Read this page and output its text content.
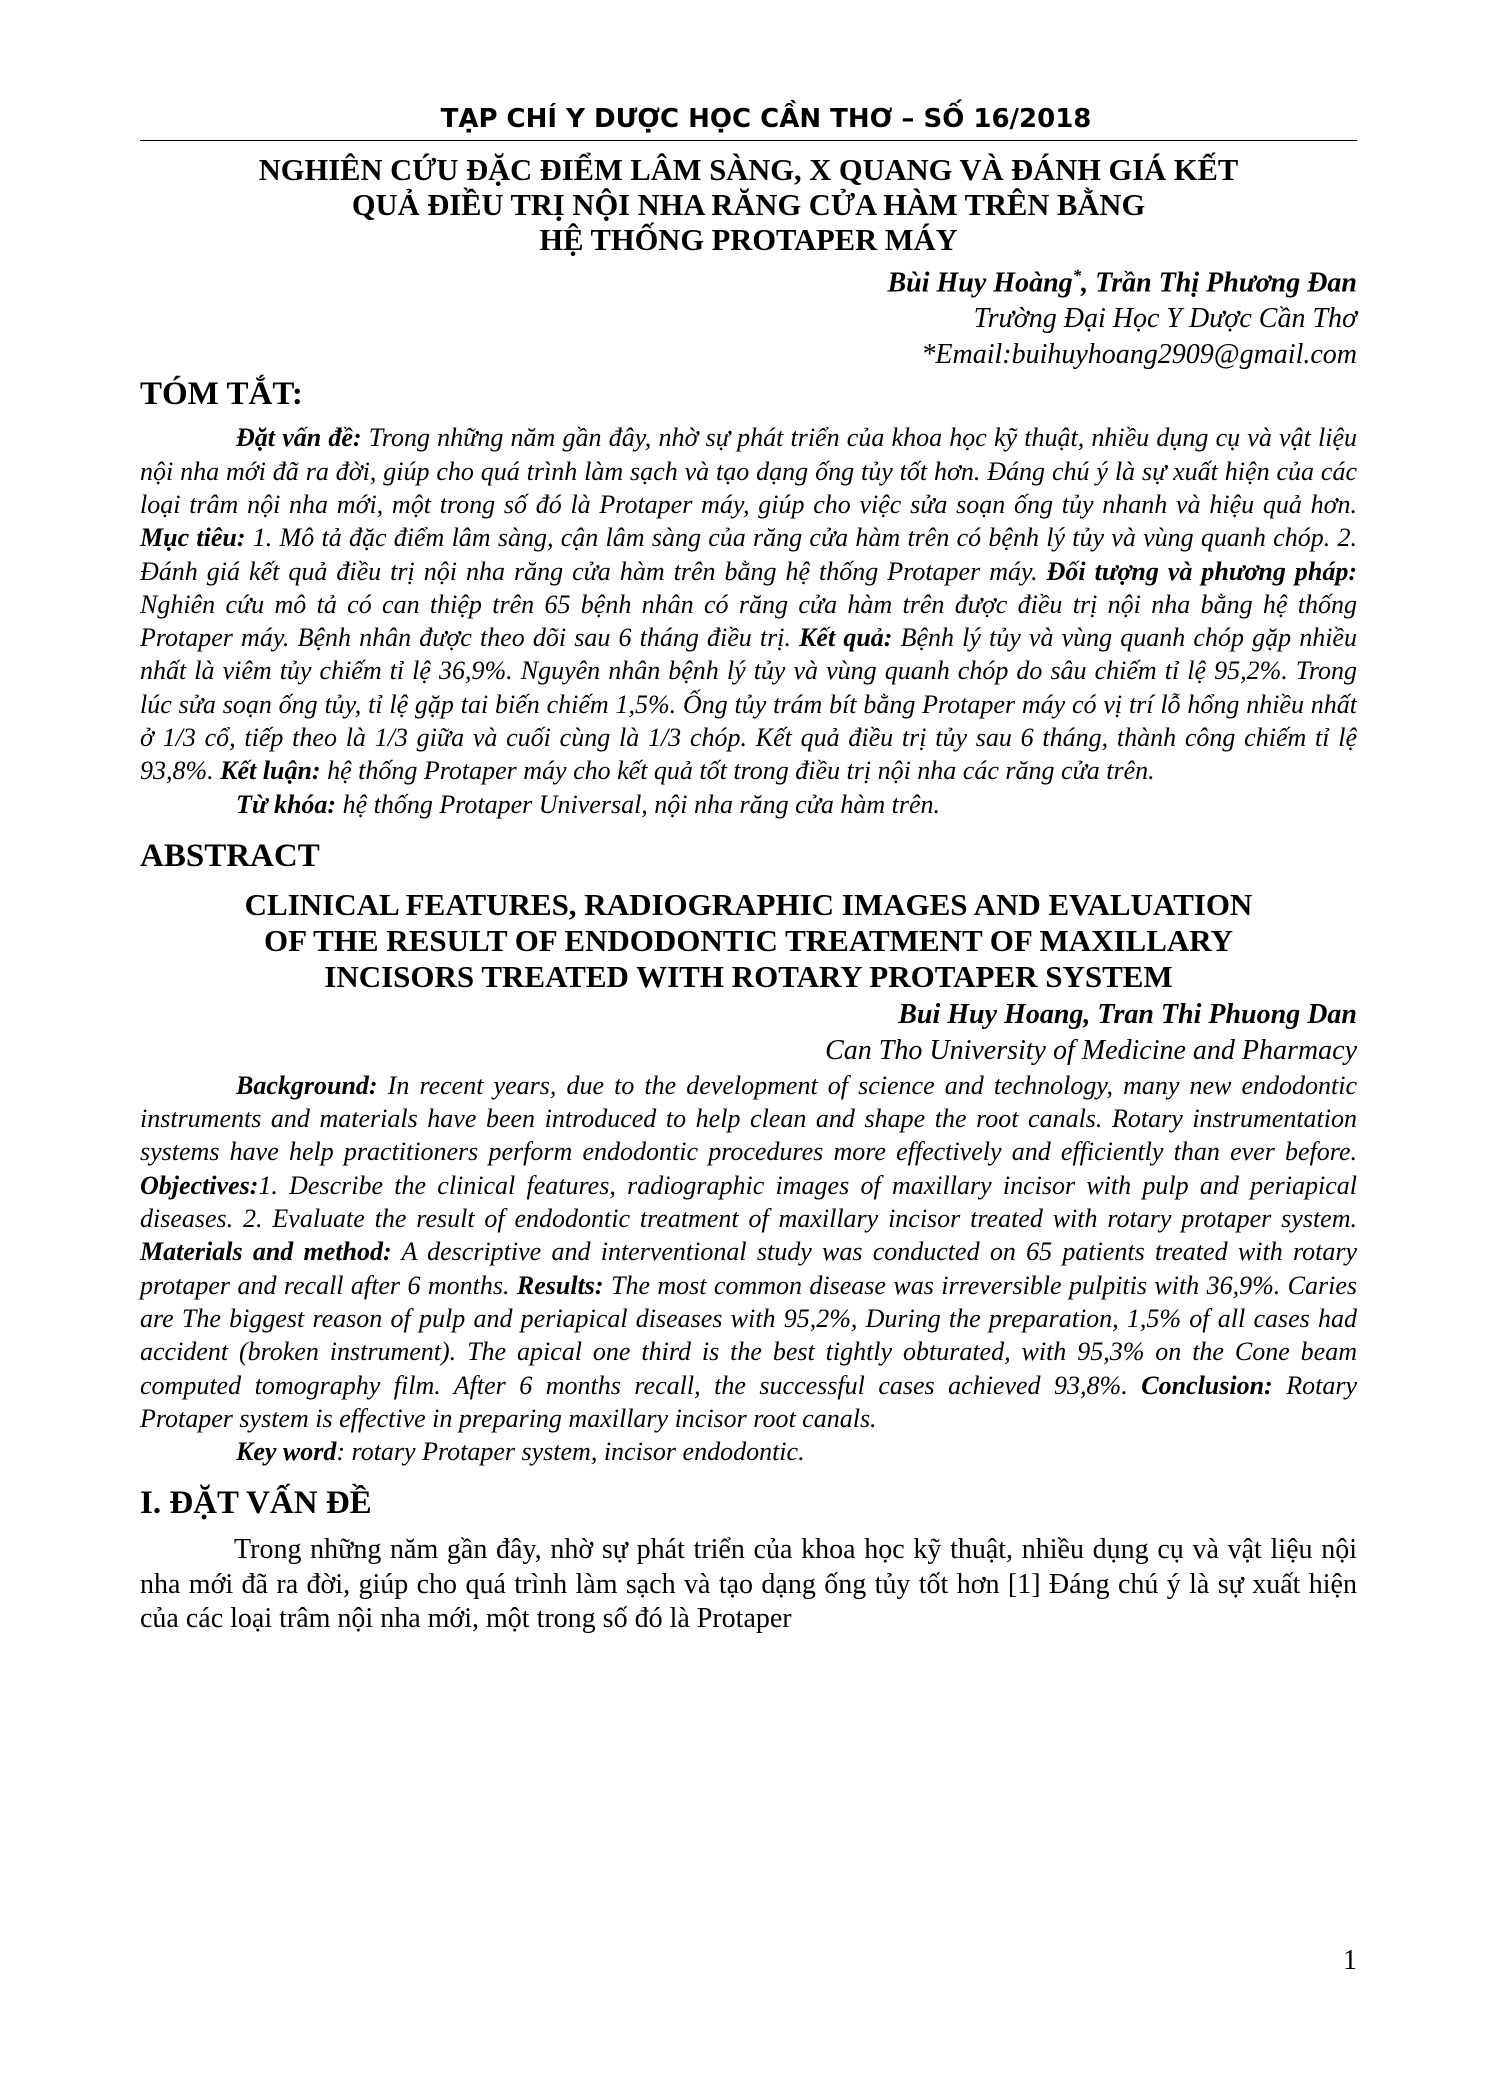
TẠP CHÍ Y DƯỢC HỌC CẦN THƠ – SỐ 16/2018
NGHIÊN CỨU ĐẶC ĐIỂM LÂM SÀNG, X QUANG VÀ ĐÁNH GIÁ KẾT
QUẢ ĐIỀU TRỊ NỘI NHA RĂNG CỬA HÀM TRÊN BẰNG
HỆ THỐNG PROTAPER MÁY
Bùi Huy Hoàng*, Trần Thị Phương Đan
Trường Đại Học Y Dược Cần Thơ
*Email:buihuyhoang2909@gmail.com
TÓM TẮT:

Đặt vấn đề: Trong những năm gần đây, nhờ sự phát triển của khoa học kỹ thuật, nhiều dụng cụ và vật liệu nội nha mới đã ra đời, giúp cho quá trình làm sạch và tạo dạng ống tủy tốt hơn. Đáng chú ý là sự xuất hiện của các loại trâm nội nha mới, một trong số đó là Protaper máy, giúp cho việc sửa soạn ống tủy nhanh và hiệu quả hơn. Mục tiêu: 1. Mô tả đặc điểm lâm sàng, cận lâm sàng của răng cửa hàm trên có bệnh lý tủy và vùng quanh chóp. 2. Đánh giá kết quả điều trị nội nha răng cửa hàm trên bằng hệ thống Protaper máy. Đối tượng và phương pháp: Nghiên cứu mô tả có can thiệp trên 65 bệnh nhân có răng cửa hàm trên được điều trị nội nha bằng hệ thống Protaper máy. Bệnh nhân được theo dõi sau 6 tháng điều trị. Kết quả: Bệnh lý tủy và vùng quanh chóp gặp nhiều nhất là viêm tủy chiếm tỉ lệ 36,9%. Nguyên nhân bệnh lý tủy và vùng quanh chóp do sâu chiếm tỉ lệ 95,2%. Trong lúc sửa soạn ống tủy, tỉ lệ gặp tai biến chiếm 1,5%. Ống tủy trám bít bằng Protaper máy có vị trí lỗ hổng nhiều nhất ở 1/3 cổ, tiếp theo là 1/3 giữa và cuối cùng là 1/3 chóp. Kết quả điều trị tủy sau 6 tháng, thành công chiếm tỉ lệ 93,8%. Kết luận: hệ thống Protaper máy cho kết quả tốt trong điều trị nội nha các răng cửa trên.

Từ khóa: hệ thống Protaper Universal, nội nha răng cửa hàm trên.

ABSTRACT
CLINICAL FEATURES, RADIOGRAPHIC IMAGES AND EVALUATION
OF THE RESULT OF ENDODONTIC TREATMENT OF MAXILLARY
INCISORS TREATED WITH ROTARY PROTAPER SYSTEM
Bui Huy Hoang, Tran Thi Phuong Dan
Can Tho University of Medicine and Pharmacy

Background: In recent years, due to the development of science and technology, many new endodontic instruments and materials have been introduced to help clean and shape the root canals. Rotary instrumentation systems have help practitioners perform endodontic procedures more effectively and efficiently than ever before. Objectives:1. Describe the clinical features, radiographic images of maxillary incisor with pulp and periapical diseases. 2. Evaluate the result of endodontic treatment of maxillary incisor treated with rotary protaper system. Materials and method: A descriptive and interventional study was conducted on 65 patients treated with rotary protaper and recall after 6 months. Results: The most common disease was irreversible pulpitis with 36,9%. Caries are The biggest reason of pulp and periapical diseases with 95,2%, During the preparation, 1,5% of all cases had accident (broken instrument). The apical one third is the best tightly obturated, with 95,3% on the Cone beam computed tomography film. After 6 months recall, the successful cases achieved 93,8%. Conclusion: Rotary Protaper system is effective in preparing maxillary incisor root canals.

Key word: rotary Protaper system, incisor endodontic.

I. ĐẶT VẤN ĐỀ

Trong những năm gần đây, nhờ sự phát triển của khoa học kỹ thuật, nhiều dụng cụ và vật liệu nội nha mới đã ra đời, giúp cho quá trình làm sạch và tạo dạng ống tủy tốt hơn [1] Đáng chú ý là sự xuất hiện của các loại trâm nội nha mới, một trong số đó là Protaper

1
